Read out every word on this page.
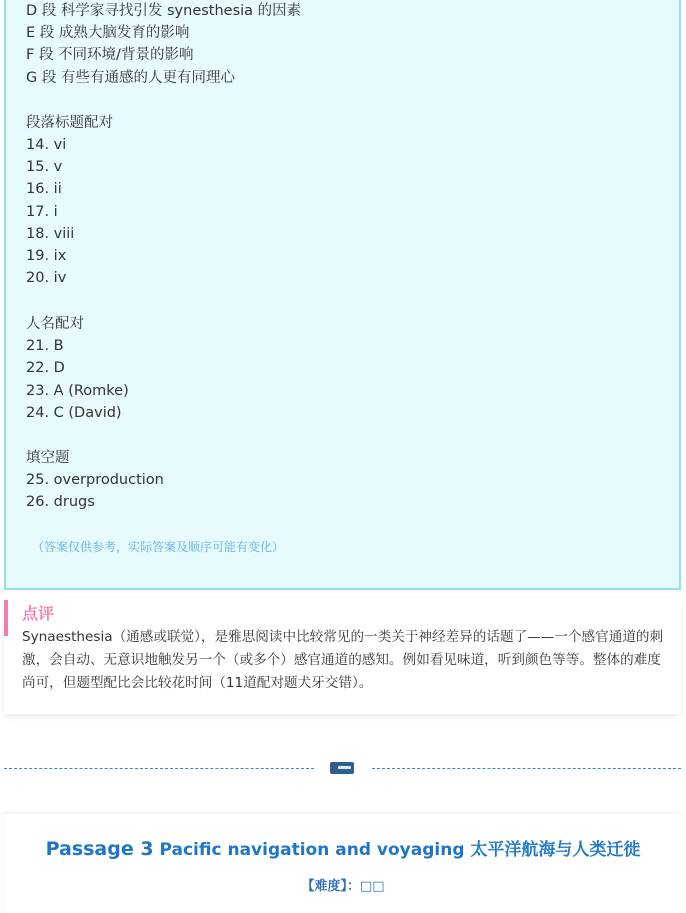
D 段 科学家寻找引发 synesthesia 的因素
E 段 成熟大脑发育的影响
F 段 不同环境/背景的影响
G 段 有些有通感的人更有同理心
段落标题配对
14. vi
15. v
16. ii
17. i
18. viii
19. ix
20. iv
人名配对
21. B
22. D
23. A (Romke)
24. C (David)
填空题
25. overproduction
26. drugs
（答案仅供参考，实际答案及顺序可能有变化）
点评
Synaesthesia（通感或联觉），是雅思阅读中比较常见的一类关于神经差异的话题了——一个感官通道的刺激，会自动、无意识地触发另一个（或多个）感官通道的感知。例如看见味道，听到颜色等等。整体的难度尚可，但题型配比会比较花时间（11道配对题犬牙交错）。
Passage 3 Pacific navigation and voyaging 太平洋航海与人类迁徙
【难度】：□□
